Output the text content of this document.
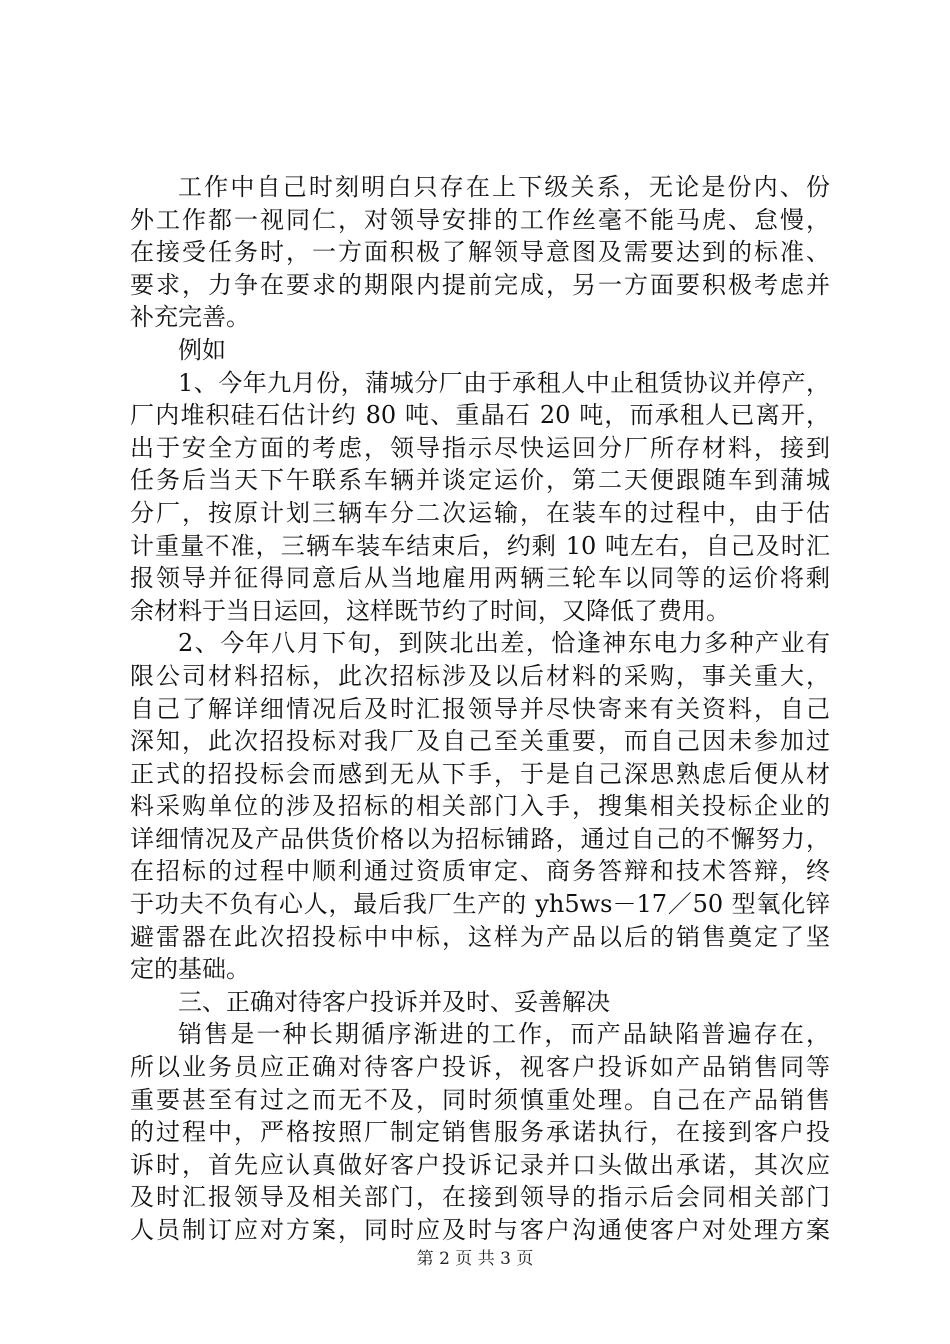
工作中自己时刻明白只存在上下级关系，无论是份内、份
外工作都一视同仁，对领导安排的工作丝毫不能马虎、怠慢，
在接受任务时，一方面积极了解领导意图及需要达到的标准、
要求，力争在要求的期限内提前完成，另一方面要积极考虑并
补充完善。
例如
1、今年九月份，蒲城分厂由于承租人中止租赁协议并停产，
厂内堆积硅石估计约 80 吨、重晶石 20 吨，而承租人已离开，
出于安全方面的考虑，领导指示尽快运回分厂所存材料，接到
任务后当天下午联系车辆并谈定运价，第二天便跟随车到蒲城
分厂，按原计划三辆车分二次运输，在装车的过程中，由于估
计重量不准，三辆车装车结束后，约剩 10 吨左右，自己及时汇
报领导并征得同意后从当地雇用两辆三轮车以同等的运价将剩
余材料于当日运回，这样既节约了时间，又降低了费用。
2、今年八月下旬，到陕北出差，恰逢神东电力多种产业有
限公司材料招标，此次招标涉及以后材料的采购，事关重大，
自己了解详细情况后及时汇报领导并尽快寄来有关资料，自己
深知，此次招投标对我厂及自己至关重要，而自己因未参加过
正式的招投标会而感到无从下手，于是自己深思熟虑后便从材
料采购单位的涉及招标的相关部门入手，搜集相关投标企业的
详细情况及产品供货价格以为招标铺路，通过自己的不懈努力，
在招标的过程中顺利通过资质审定、商务答辩和技术答辩，终
于功夫不负有心人，最后我厂生产的 yh5ws－17／50 型氧化锌
避雷器在此次招投标中中标，这样为产品以后的销售奠定了坚
定的基础。
三、正确对待客户投诉并及时、妥善解决
销售是一种长期循序渐进的工作，而产品缺陷普遍存在，
所以业务员应正确对待客户投诉，视客户投诉如产品销售同等
重要甚至有过之而无不及，同时须慎重处理。自己在产品销售
的过程中，严格按照厂制定销售服务承诺执行，在接到客户投
诉时，首先应认真做好客户投诉记录并口头做出承诺，其次应
及时汇报领导及相关部门，在接到领导的指示后会同相关部门
人员制订应对方案，同时应及时与客户沟通使客户对处理方案
第 2 页 共 3 页
